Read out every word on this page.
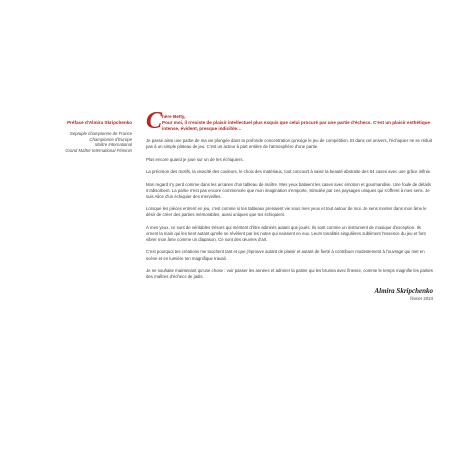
Préface d'Almira Skripchenko
Septuple championne de France
Championne d'Europe
Maître International
Grand Maître International Féminin
C hère Betty,
Pour moi, il n'existe de plaisir intellectuel plus exquis que celui procuré par une partie d'échecs. C'est un plaisir esthétique intense, évident, presque indicible…

Je passe ainsi une partie de ma vie plongée dans la profonde concentration qu'exige le jeu de compétition. Et dans cet univers, l'échiquier ne se réduit pas à un simple plateau de jeu. C'est un acteur à part entière de l'atmosphère d'une partie.

Plus encore quand je joue sur un de tes échiquiers.

La précision des motifs, la vivacité des couleurs, le choix des matériaux, tout concourt à saisir la beauté abstraite des 64 cases avec une grâce infinie.

Mon regard s'y perd comme dans les arcanes d'un tableau de maître. Mes yeux balaient les cases avec émotion et gourmandise. Une foule de détails m'absorbent. La partie n'est pas encore commencée que mon imagination s'emporte, stimulée par ces paysages uniques qui s'offrent à mes sens. Je suis Alice d'un échiquier des merveilles.

Lorsque les pièces entrent en jeu, c'est comme si tes tableaux prenaient vie sous mes yeux et tout autour de moi. Je sens monter dans mon âme le désir de créer des parties mémorables, aussi uniques que tes échiquiers.

À mes yeux, ce sont de véritables trésors qui méritent d'être admirés autant que joués. Ils sont comme un instrument de musique d'exception. Ils ornent la main qui les tient autant qu'elle se révèlent par les notes qui naissent en eux. Leurs tonalités singulières subliment l'essence du jeu et font vibrer mon âme comme un diapason. Ce sont des œuvres d'art.

C'est pourquoi tes créations me touchent tant et que j'éprouve autant de plaisir et autant de fierté à contribuer modestement à l'ouvrage qui met en scène et en lumière ton magnifique travail.

Je ne souhaite maintenant qu'une chose : voir passer les années et admirer la patine qui les brunira avec finesse, comme le temps magnifie les parties des maîtres d'échecs de jadis.

Almira Skripchenko
février 2024
